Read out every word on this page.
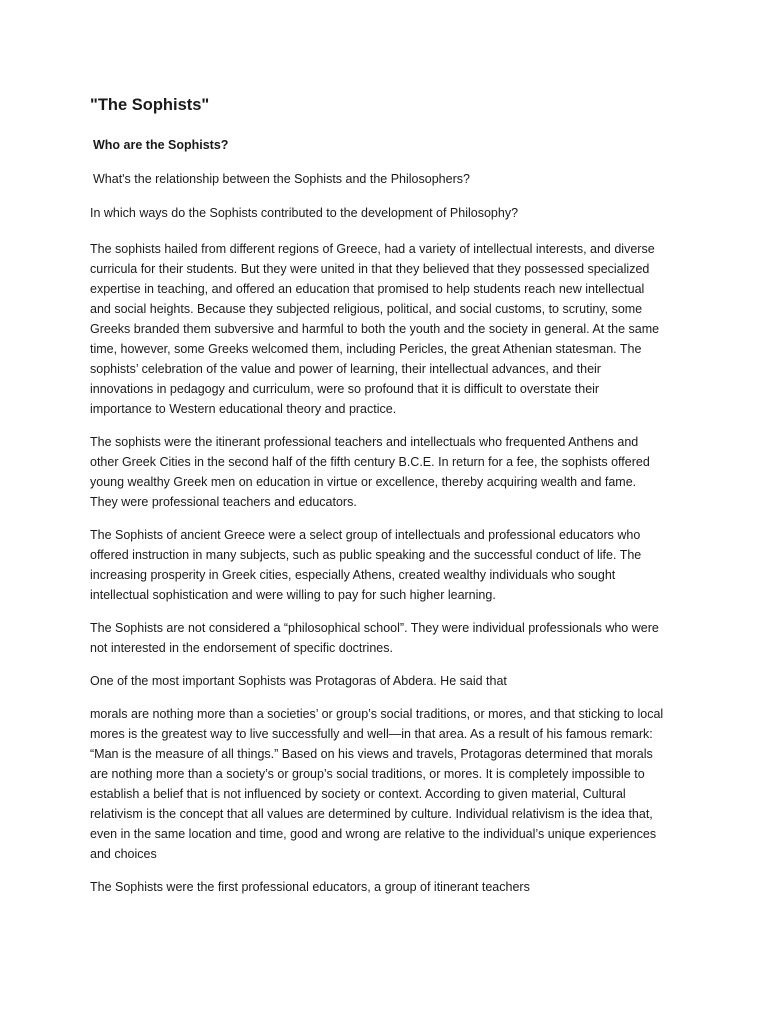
"The Sophists"
Who are the Sophists?
What's the relationship between the Sophists and the Philosophers?
In which ways do the Sophists contributed to the development of Philosophy?
The sophists hailed from different regions of Greece, had a variety of intellectual interests, and diverse
curricula for their students. But they were united in that they believed that they possessed specialized
expertise in teaching, and offered an education that promised to help students reach new intellectual
and social heights. Because they subjected religious, political, and social customs, to scrutiny, some
Greeks branded them subversive and harmful to both the youth and the society in general. At the same
time, however, some Greeks welcomed them, including Pericles, the great Athenian statesman. The
sophists’ celebration of the value and power of learning, their intellectual advances, and their
innovations in pedagogy and curriculum, were so profound that it is difficult to overstate their
importance to Western educational theory and practice.
The sophists were the itinerant professional teachers and intellectuals who frequented Anthens and
other Greek Cities in the second half of the fifth century B.C.E. In return for a fee, the sophists offered
young wealthy Greek men on education in virtue or excellence, thereby acquiring wealth and fame.
They were professional teachers and educators.
The Sophists of ancient Greece were a select group of intellectuals and professional educators who
offered instruction in many subjects, such as public speaking and the successful conduct of life. The
increasing prosperity in Greek cities, especially Athens, created wealthy individuals who sought
intellectual sophistication and were willing to pay for such higher learning.
The Sophists are not considered a “philosophical school”. They were individual professionals who were
not interested in the endorsement of specific doctrines.
One of the most important Sophists was Protagoras of Abdera. He said that
morals are nothing more than a societies’ or group’s social traditions, or mores, and that sticking to local
mores is the greatest way to live successfully and well—in that area. As a result of his famous remark:
“Man is the measure of all things.” Based on his views and travels, Protagoras determined that morals
are nothing more than a society’s or group’s social traditions, or mores. It is completely impossible to
establish a belief that is not influenced by society or context. According to given material, Cultural
relativism is the concept that all values are determined by culture. Individual relativism is the idea that,
even in the same location and time, good and wrong are relative to the individual’s unique experiences
and choices
The Sophists were the first professional educators, a group of itinerant teachers
